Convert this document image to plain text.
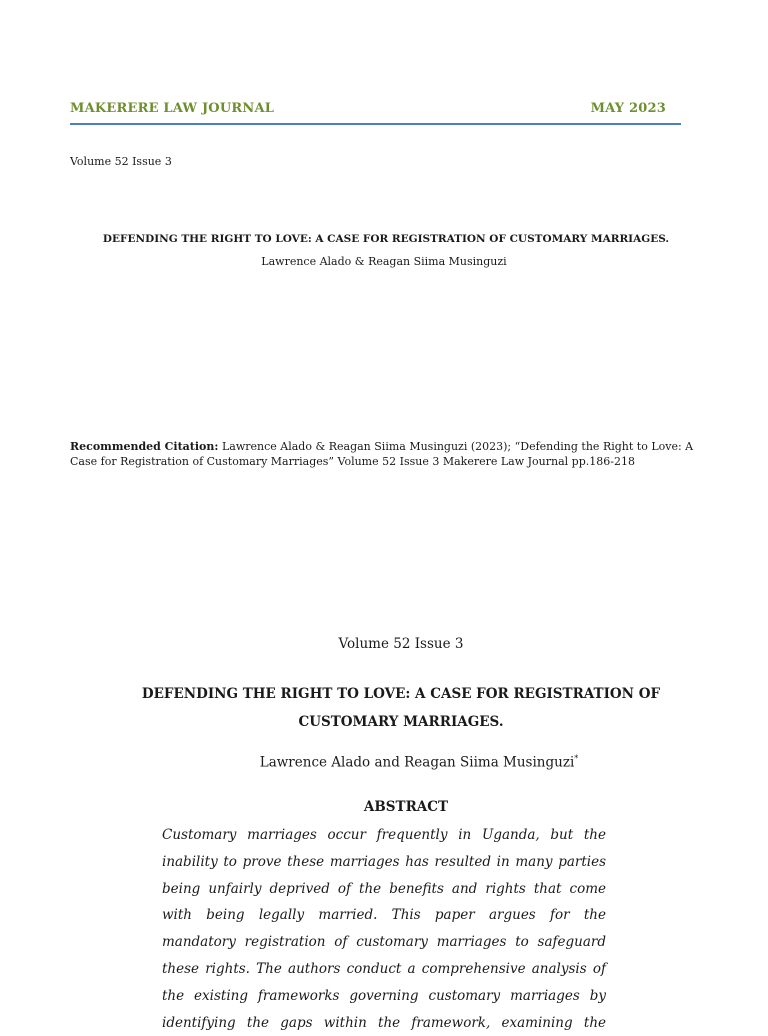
MAKERERE LAW JOURNAL	MAY 2023
Volume 52 Issue 3
DEFENDING THE RIGHT TO LOVE: A CASE FOR REGISTRATION OF CUSTOMARY MARRIAGES.
Lawrence Alado & Reagan Siima Musinguzi
Recommended Citation: Lawrence Alado & Reagan Siima Musinguzi (2023); “Defending the Right to Love: A Case for Registration of Customary Marriages” Volume 52 Issue 3 Makerere Law Journal pp.186-218
Volume 52 Issue 3
DEFENDING THE RIGHT TO LOVE: A CASE FOR REGISTRATION OF
CUSTOMARY MARRIAGES.
Lawrence Alado and Reagan Siima Musinguzi*
ABSTRACT
Customary marriages occur frequently in Uganda, but the
inability to prove these marriages has resulted in many parties
being unfairly deprived of the benefits and rights that come
with being legally married. This paper argues for the
mandatory registration of customary marriages to safeguard
these rights. The authors conduct a comprehensive analysis of
the existing frameworks governing customary marriages by
identifying the gaps within the framework, examining the
